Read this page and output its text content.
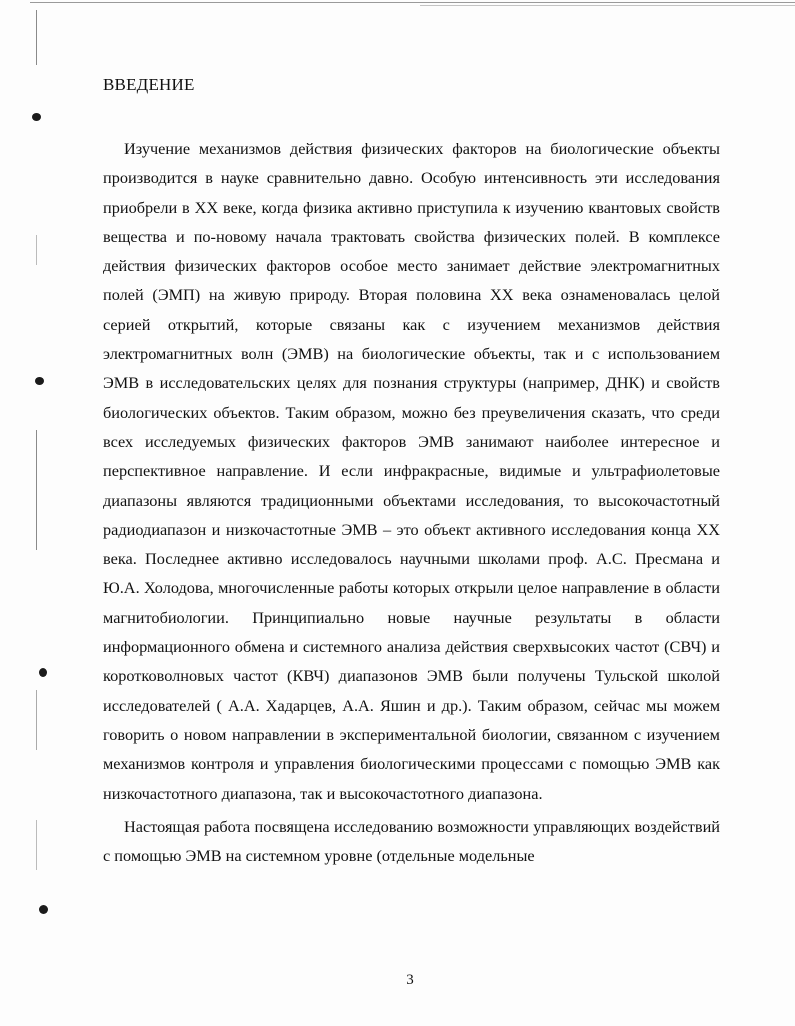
ВВЕДЕНИЕ

Изучение механизмов действия физических факторов на биологические объекты производится в науке сравнительно давно. Особую интенсивность эти исследования приобрели в XX веке, когда физика активно приступила к изучению квантовых свойств вещества и по-новому начала трактовать свойства физических полей. В комплексе действия физических факторов особое место занимает действие электромагнитных полей (ЭМП) на живую природу. Вторая половина XX века ознаменовалась целой серией открытий, которые связаны как с изучением механизмов действия электромагнитных волн (ЭМВ) на биологические объекты, так и с использованием ЭМВ в исследовательских целях для познания структуры (например, ДНК) и свойств биологических объектов. Таким образом, можно без преувеличения сказать, что среди всех исследуемых физических факторов ЭМВ занимают наиболее интересное и перспективное направление. И если инфракрасные, видимые и ультрафиолетовые диапазоны являются традиционными объектами исследования, то высокочастотный радиодиапазон и низкочастотные ЭМВ – это объект активного исследования конца XX века. Последнее активно исследовалось научными школами проф. А.С. Пресмана и Ю.А. Холодова, многочисленные работы которых открыли целое направление в области магнитобиологии. Принципиально новые научные результаты в области информационного обмена и системного анализа действия сверхвысоких частот (СВЧ) и коротковолновых частот (КВЧ) диапазонов ЭМВ были получены Тульской школой исследователей ( А.А. Хадарцев, А.А. Яшин и др.). Таким образом, сейчас мы можем говорить о новом направлении в экспериментальной биологии, связанном с изучением механизмов контроля и управления биологическими процессами с помощью ЭМВ как низкочастотного диапазона, так и высокочастотного диапазона.

Настоящая работа посвящена исследованию возможности управляющих воздействий с помощью ЭМВ на системном уровне (отдельные модельные

3
